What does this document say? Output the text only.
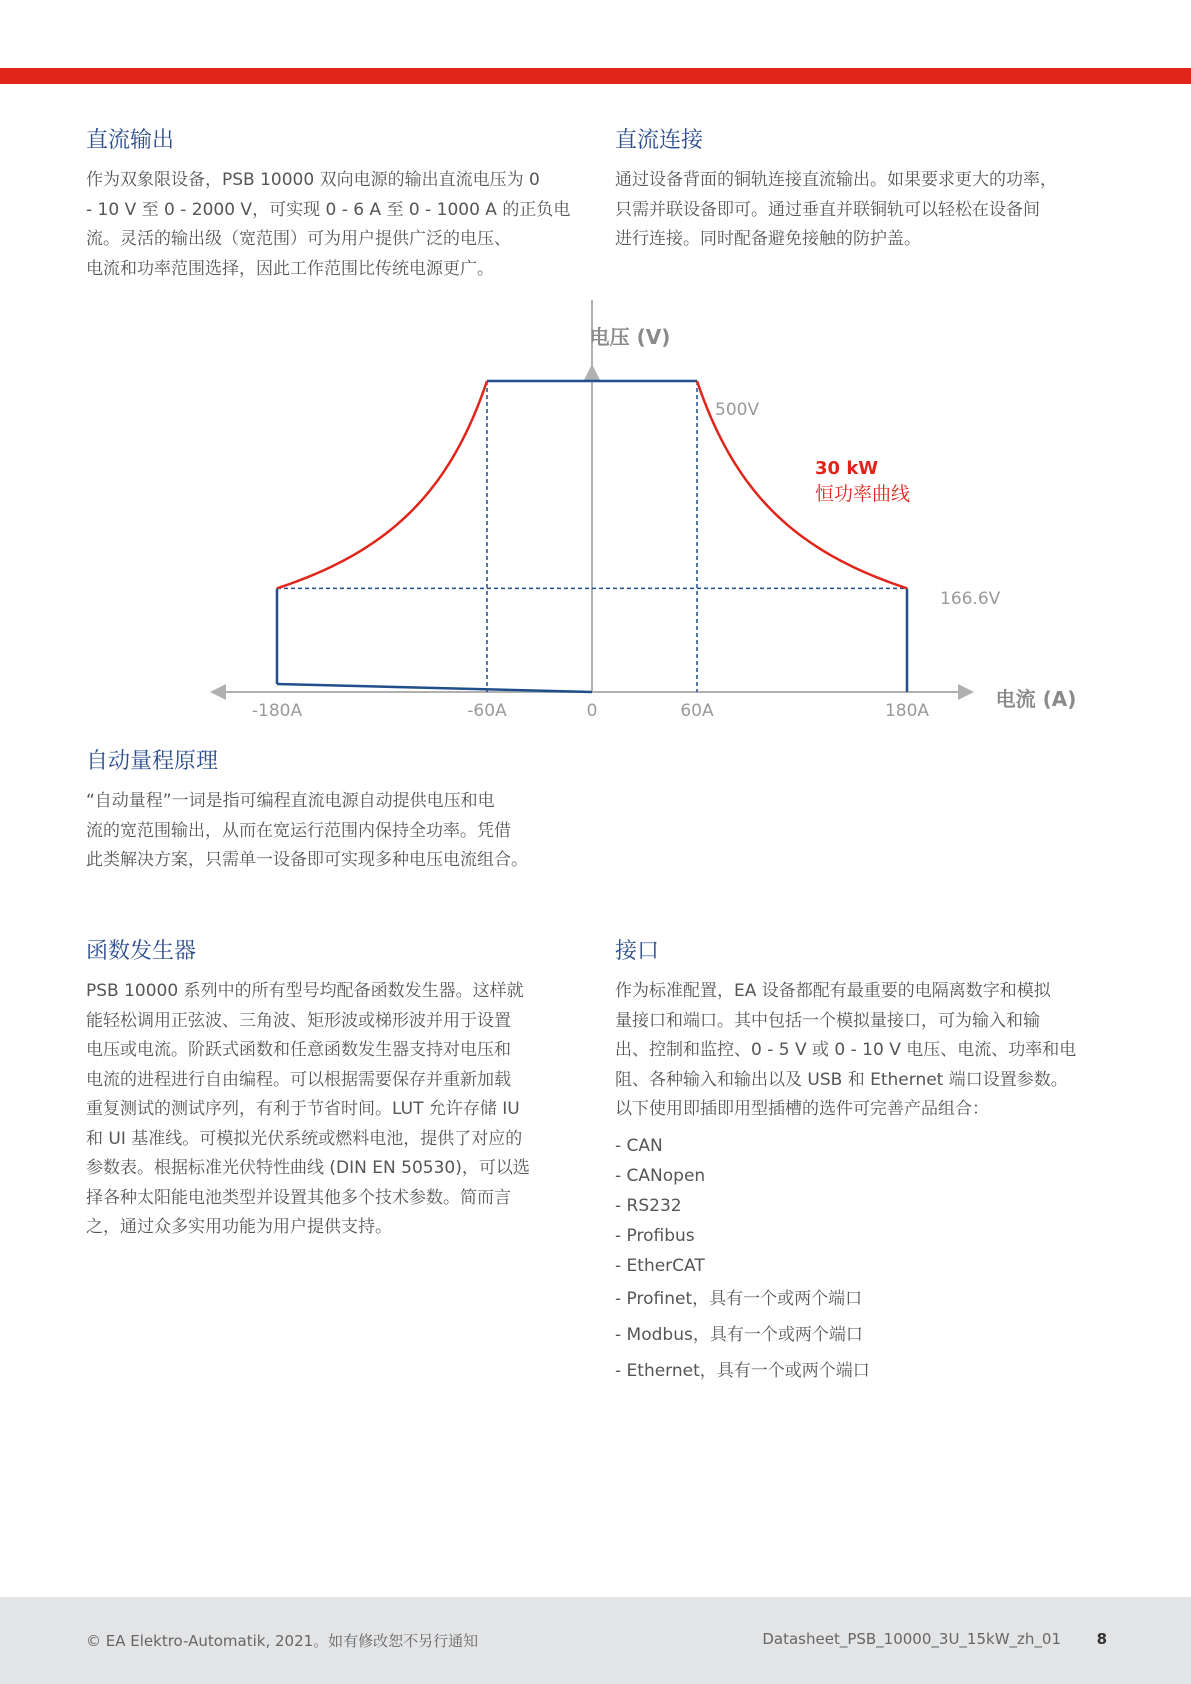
直流输出

作为双象限设备，PSB 10000 双向电源的输出直流电压为 0

- 10 V 至 0 - 2000 V，可实现 0 - 6 A 至 0 - 1000 A 的正负电

流。灵活的输出级（宽范围）可为用户提供广泛的电压、

电流和功率范围选择，因此工作范围比传统电源更广。

直流连接

通过设备背面的铜轨连接直流输出。如果要求更大的功率，

只需并联设备即可。通过垂直并联铜轨可以轻松在设备间

进行连接。同时配备避免接触的防护盖。

电压 (V)
电流 (A)
-180A	-60A	0	60A	180A
500V
166.6V
30 kW
恒功率曲线
自动量程原理

“自动量程”一词是指可编程直流电源自动提供电压和电

流的宽范围输出，从而在宽运行范围内保持全功率。凭借

此类解决方案，只需单一设备即可实现多种电压电流组合。

函数发生器

PSB 10000 系列中的所有型号均配备函数发生器。这样就

能轻松调用正弦波、三角波、矩形波或梯形波并用于设置

电压或电流。阶跃式函数和任意函数发生器支持对电压和

电流的进程进行自由编程。可以根据需要保存并重新加载

重复测试的测试序列，有利于节省时间。LUT 允许存储 IU

和 UI 基准线。可模拟光伏系统或燃料电池，提供了对应的

参数表。根据标准光伏特性曲线 (DIN EN 50530)，可以选

择各种太阳能电池类型并设置其他多个技术参数。简而言

之，通过众多实用功能为用户提供支持。

接口

作为标准配置，EA 设备都配有最重要的电隔离数字和模拟

量接口和端口。其中包括一个模拟量接口，可为输入和输

出、控制和监控、0 - 5 V 或 0 - 10 V 电压、电流、功率和电

阻、各种输入和输出以及 USB 和 Ethernet 端口设置参数。

以下使用即插即用型插槽的选件可完善产品组合：

- CAN
- CANopen
- RS232
- Profibus
- EtherCAT
- Profinet，具有一个或两个端口
- Modbus，具有一个或两个端口
- Ethernet，具有一个或两个端口
© EA Elektro-Automatik, 2021。如有修改恕不另行通知	Datasheet_PSB_10000_3U_15kW_zh_01 8
